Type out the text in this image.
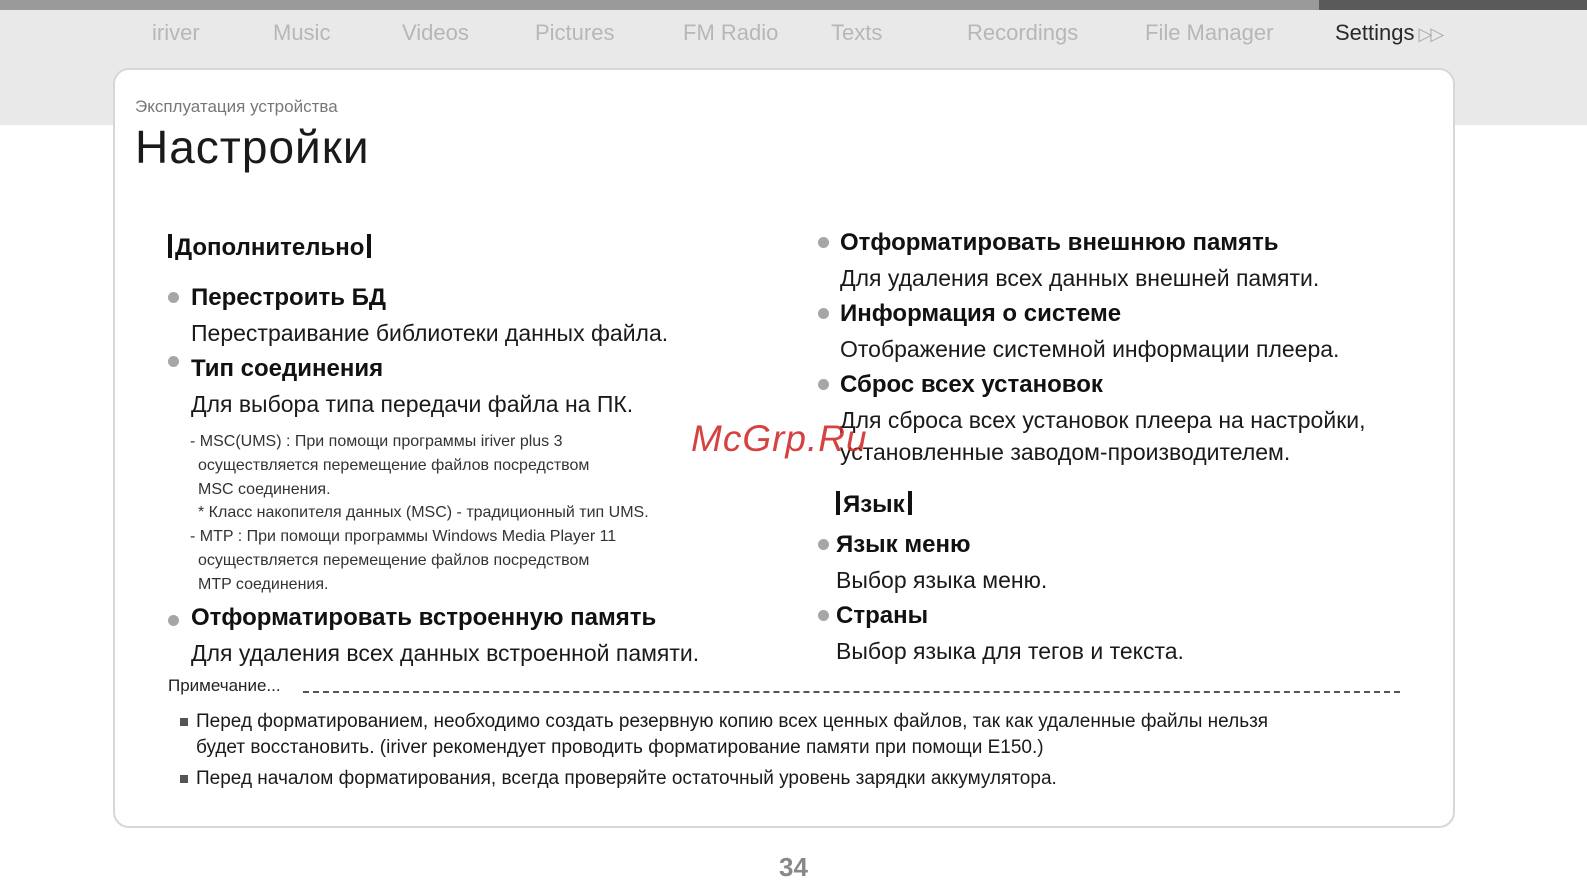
iriver	Music	Videos	Pictures	FM Radio Texts	Recordings	File Manager	Settings ▷▷
Эксплуатация устройства
Настройки
Дополнительно
Перестроить БД
Перестраивание библиотеки данных файла.
Тип соединения
Для выбора типа передачи файла на ПК.
- MSC(UMS) : При помощи программы iriver plus 3
осуществляется перемещение файлов посредством
MSC соединения.
* Класс накопителя данных (MSC) - традиционный тип UMS.
- MTP : При помощи программы Windows Media Player 11
осуществляется перемещение файлов посредством
MTP соединения.
Отформатировать встроенную память
Для удаления всех данных встроенной памяти.
Отформатировать внешнюю память
Для удаления всех данных внешней памяти.
Информация о системе
Отображение системной информации плеера.
Сброс всех установок
Для сброса всех установок плеера на настройки,
установленные заводом-производителем.
Язык
Язык меню
Выбор языка меню.
Страны
Выбор языка для тегов и текста.
Примечание...
Перед форматированием, необходимо создать резервную копию всех ценных файлов, так как удаленные файлы нельзя
будет восстановить. (iriver рекомендует проводить форматирование памяти при помощи E150.)
Перед началом форматирования, всегда проверяйте остаточный уровень зарядки аккумулятора.
McGrp.Ru
34
